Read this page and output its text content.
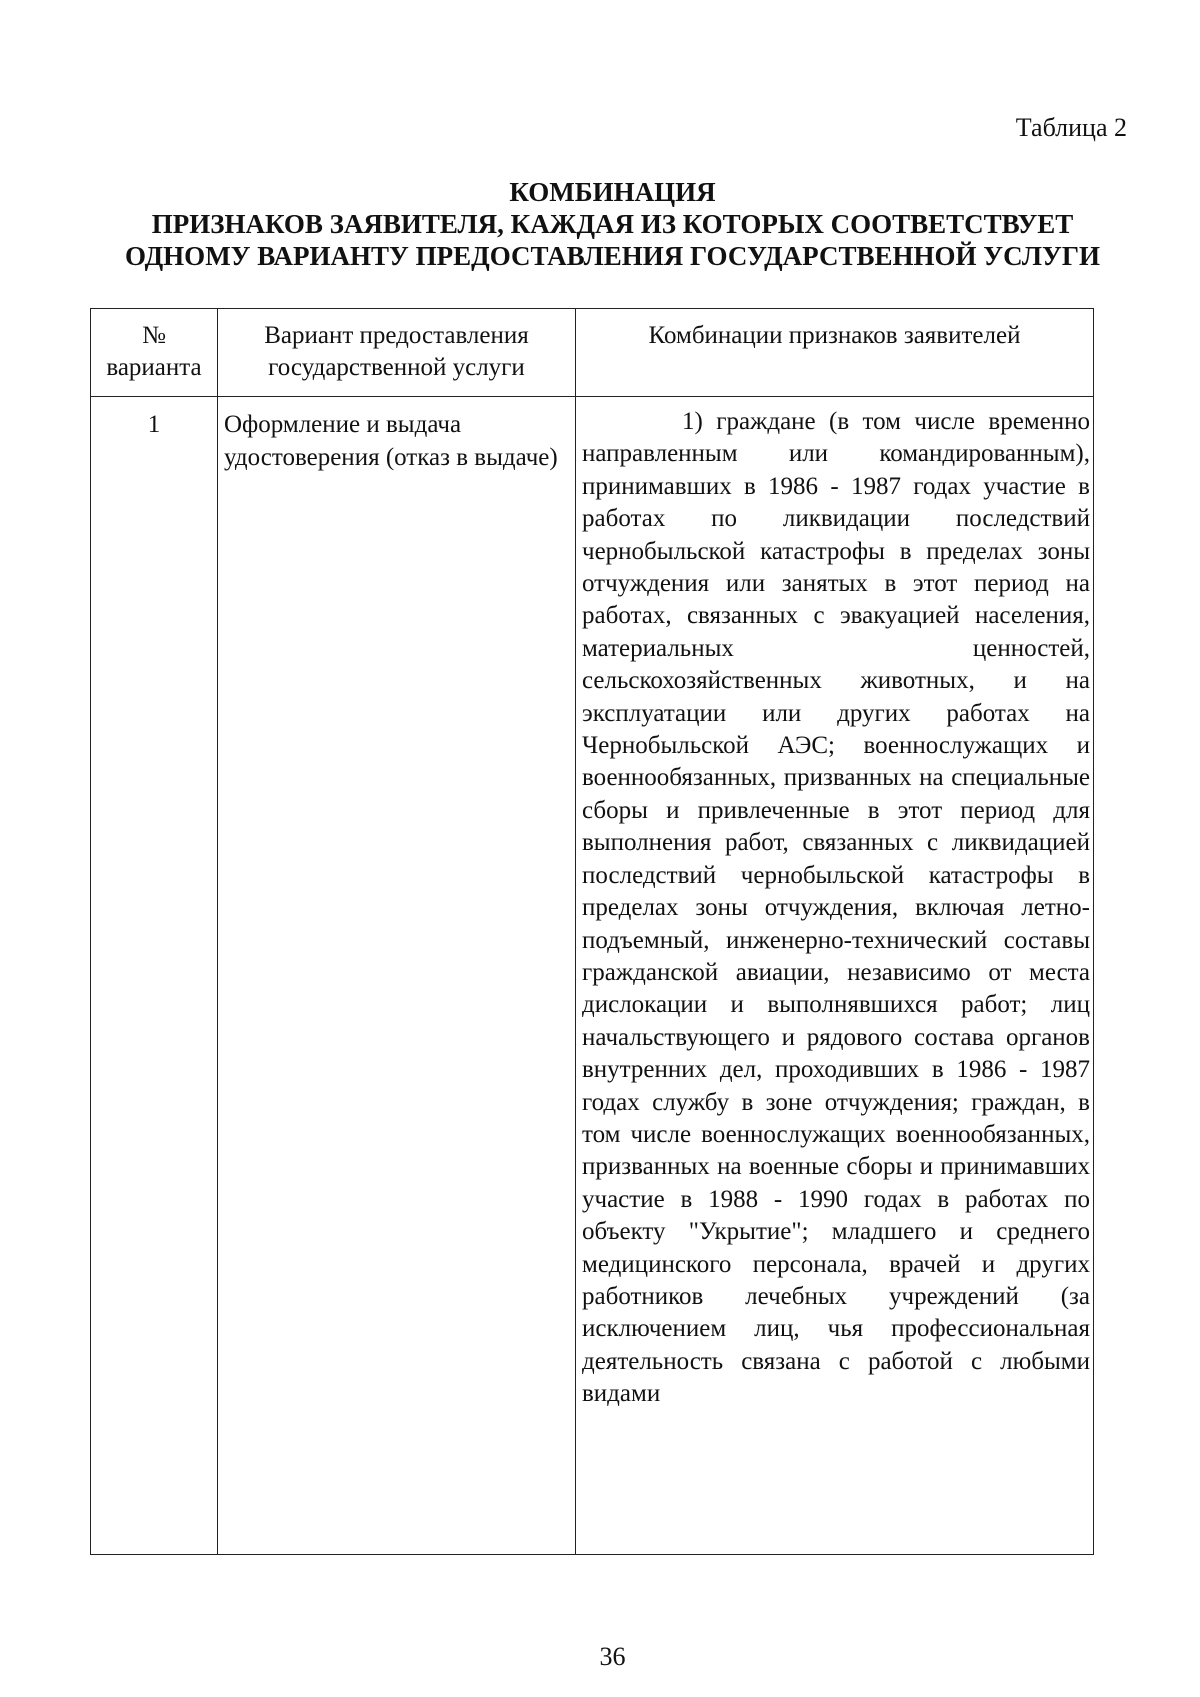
Таблица 2
КОМБИНАЦИЯ
ПРИЗНАКОВ ЗАЯВИТЕЛЯ, КАЖДАЯ ИЗ КОТОРЫХ СООТВЕТСТВУЕТ
ОДНОМУ ВАРИАНТУ ПРЕДОСТАВЛЕНИЯ ГОСУДАРСТВЕННОЙ УСЛУГИ
№
варианта
Вариант предоставления
государственной услуги
Комбинации признаков заявителей
1	Оформление и выдача удостоверения (отказ в выдаче)
1) граждане (в том числе временно направленным или командированным), принимавших в 1986 - 1987 годах участие в работах по ликвидации последствий чернобыльской катастрофы в пределах зоны отчуждения или занятых в этот период на работах, связанных с эвакуацией населения, материальных ценностей, сельскохозяйственных животных, и на эксплуатации или других работах на Чернобыльской АЭС; военнослужащих и военнообязанных, призванных на специальные сборы и привлеченные в этот период для выполнения работ, связанных с ликвидацией последствий чернобыльской катастрофы в пределах зоны отчуждения, включая летно-подъемный, инженерно-технический составы гражданской авиации, независимо от места дислокации и выполнявшихся работ; лиц начальствующего и рядового состава органов внутренних дел, проходивших в 1986 - 1987 годах службу в зоне отчуждения; граждан, в том числе военнослужащих военнообязанных, призванных на военные сборы и принимавших участие в 1988 - 1990 годах в работах по объекту "Укрытие"; младшего и среднего медицинского персонала, врачей и других работников лечебных учреждений (за исключением лиц, чья профессиональная деятельность связана с работой с любыми видами
36
